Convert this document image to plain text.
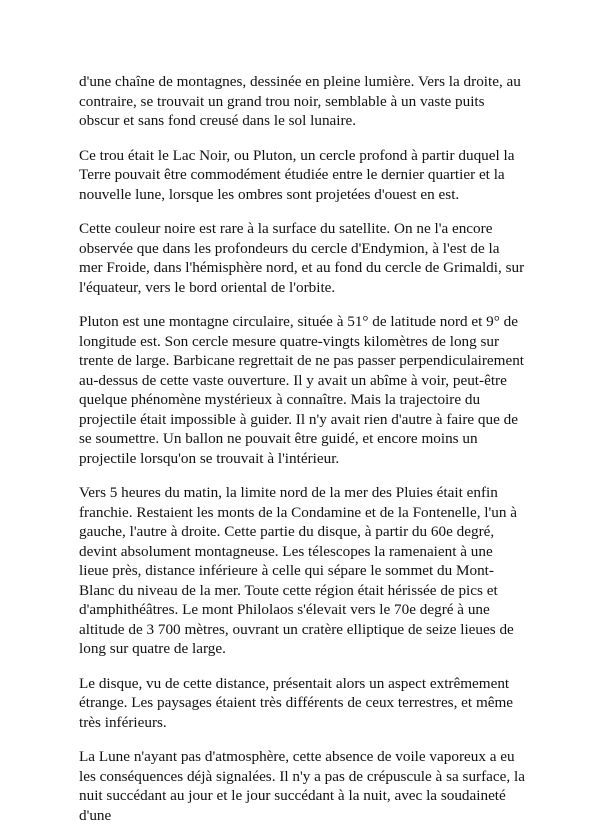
d'une chaîne de montagnes, dessinée en pleine lumière. Vers la droite, au contraire, se trouvait un grand trou noir, semblable à un vaste puits obscur et sans fond creusé dans le sol lunaire.

Ce trou était le Lac Noir, ou Pluton, un cercle profond à partir duquel la Terre pouvait être commodément étudiée entre le dernier quartier et la nouvelle lune, lorsque les ombres sont projetées d'ouest en est.

Cette couleur noire est rare à la surface du satellite. On ne l'a encore observée que dans les profondeurs du cercle d'Endymion, à l'est de la mer Froide, dans l'hémisphère nord, et au fond du cercle de Grimaldi, sur l'équateur, vers le bord oriental de l'orbite.

Pluton est une montagne circulaire, située à 51° de latitude nord et 9° de longitude est. Son cercle mesure quatre-vingts kilomètres de long sur trente de large. Barbicane regrettait de ne pas passer perpendiculairement au-dessus de cette vaste ouverture. Il y avait un abîme à voir, peut-être quelque phénomène mystérieux à connaître. Mais la trajectoire du projectile était impossible à guider. Il n'y avait rien d'autre à faire que de se soumettre. Un ballon ne pouvait être guidé, et encore moins un projectile lorsqu'on se trouvait à l'intérieur.

Vers 5 heures du matin, la limite nord de la mer des Pluies était enfin franchie. Restaient les monts de la Condamine et de la Fontenelle, l'un à gauche, l'autre à droite. Cette partie du disque, à partir du 60e degré, devint absolument montagneuse. Les télescopes la ramenaient à une lieue près, distance inférieure à celle qui sépare le sommet du Mont-Blanc du niveau de la mer. Toute cette région était hérissée de pics et d'amphithéâtres. Le mont Philolaos s'élevait vers le 70e degré à une altitude de 3 700 mètres, ouvrant un cratère elliptique de seize lieues de long sur quatre de large.

Le disque, vu de cette distance, présentait alors un aspect extrêmement étrange. Les paysages étaient très différents de ceux terrestres, et même très inférieurs.

La Lune n'ayant pas d'atmosphère, cette absence de voile vaporeux a eu les conséquences déjà signalées. Il n'y a pas de crépuscule à sa surface, la nuit succédant au jour et le jour succédant à la nuit, avec la soudaineté d'une
